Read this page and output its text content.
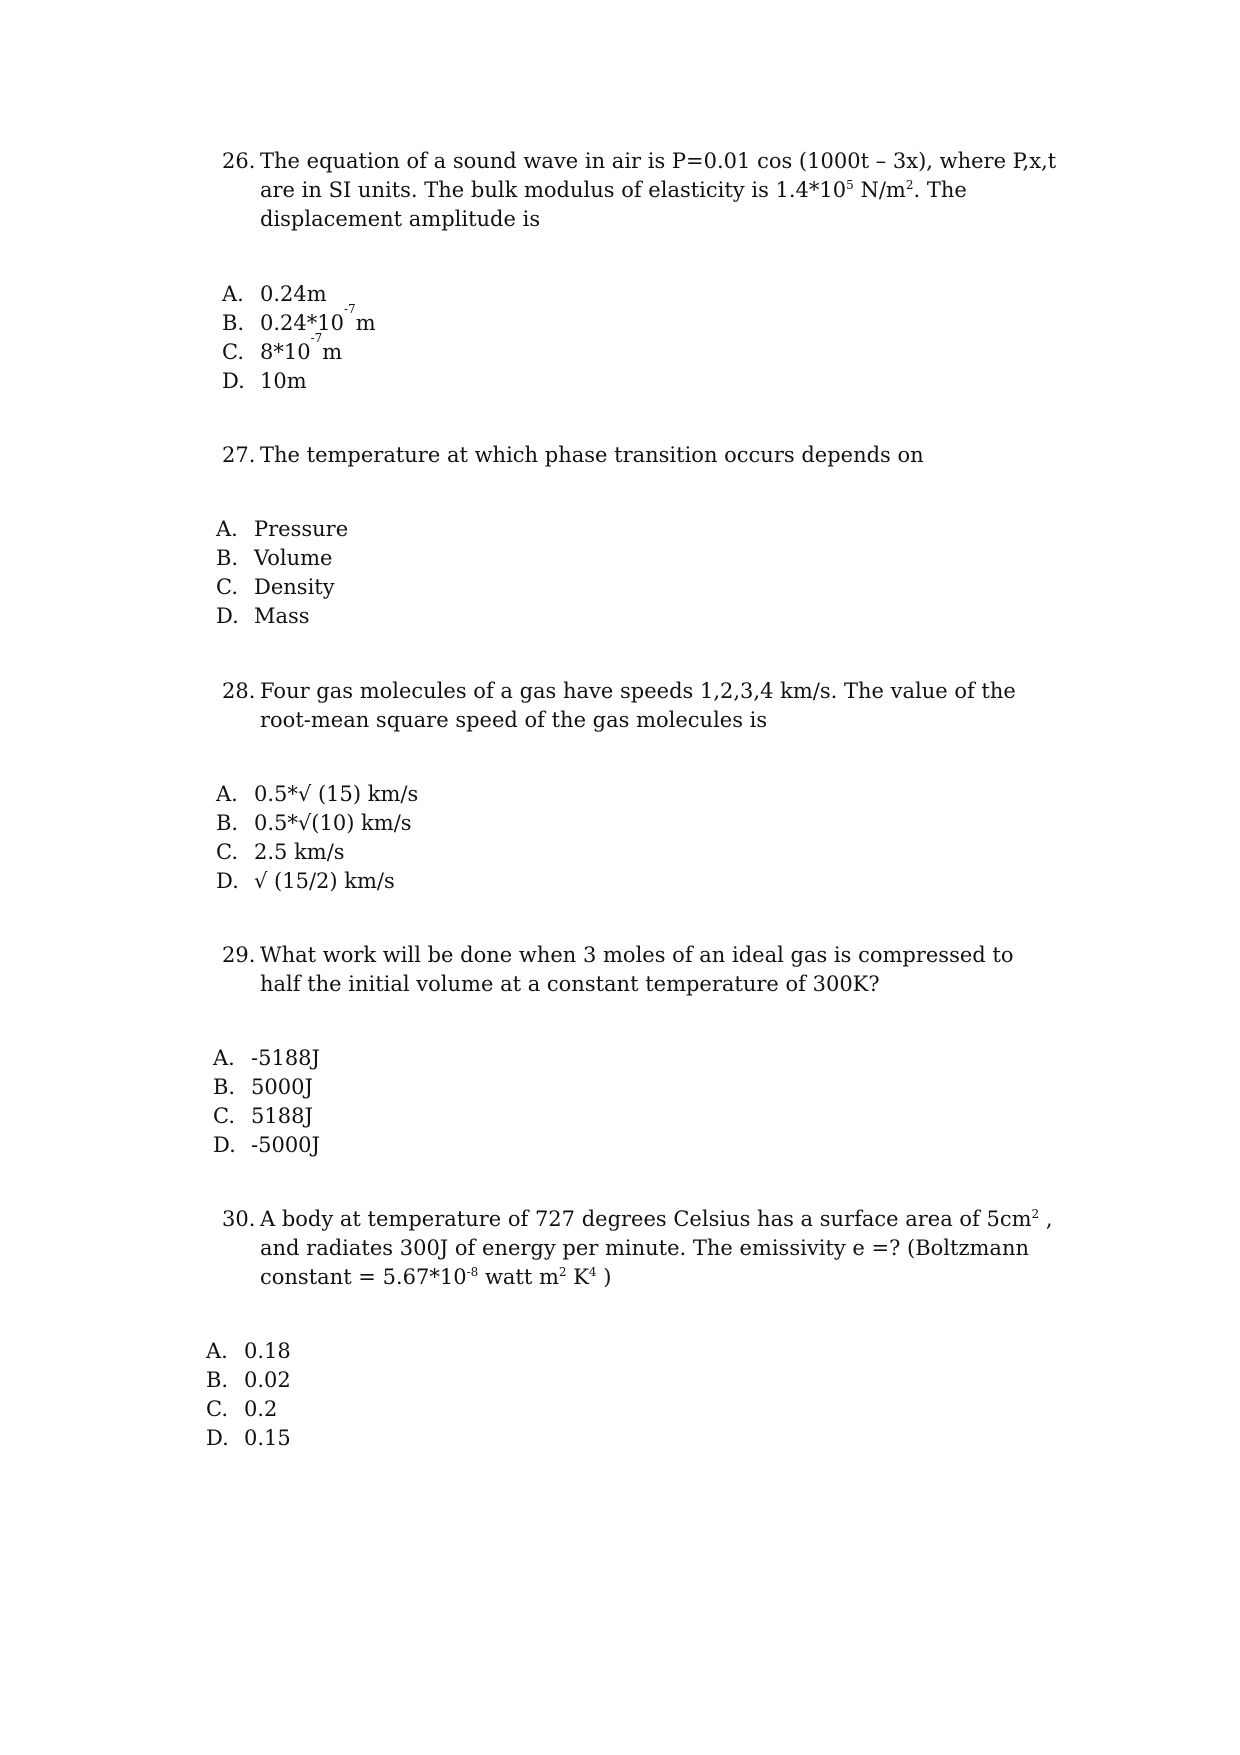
26. The equation of a sound wave in air is P=0.01 cos (1000t – 3x), where P,x,t are in SI units. The bulk modulus of elasticity is $1.4*10^5$ $N/m^2$. The displacement amplitude is
A. 0.24m
B. 0.24*10
-7
m
C. 8*10
-7
m
D. 10m
27. The temperature at which phase transition occurs depends on
A. Pressure
B. Volume
C. Density
D. Mass
28. Four gas molecules of a gas have speeds 1,2,3,4 km/s. The value of the root-mean square speed of the gas molecules is
A. 0.5*√ (15) km/s
B. 0.5*√(10) km/s
C. 2.5 km/s
D. √ (15/2) km/s
29. What work will be done when 3 moles of an ideal gas is compressed to half the initial volume at a constant temperature of 300K?
A. -5188J
B. 5000J
C. 5188J
D. -5000J
30. A body at temperature of 727 degrees Celsius has a surface area of $5cm^2$ , and radiates 300J of energy per minute. The emissivity e =? (Boltzmann constant = $5.67*10^{-8}$ watt $m^2$ $K^4$ )
A. 0.18
B. 0.02
C. 0.2
D. 0.15
